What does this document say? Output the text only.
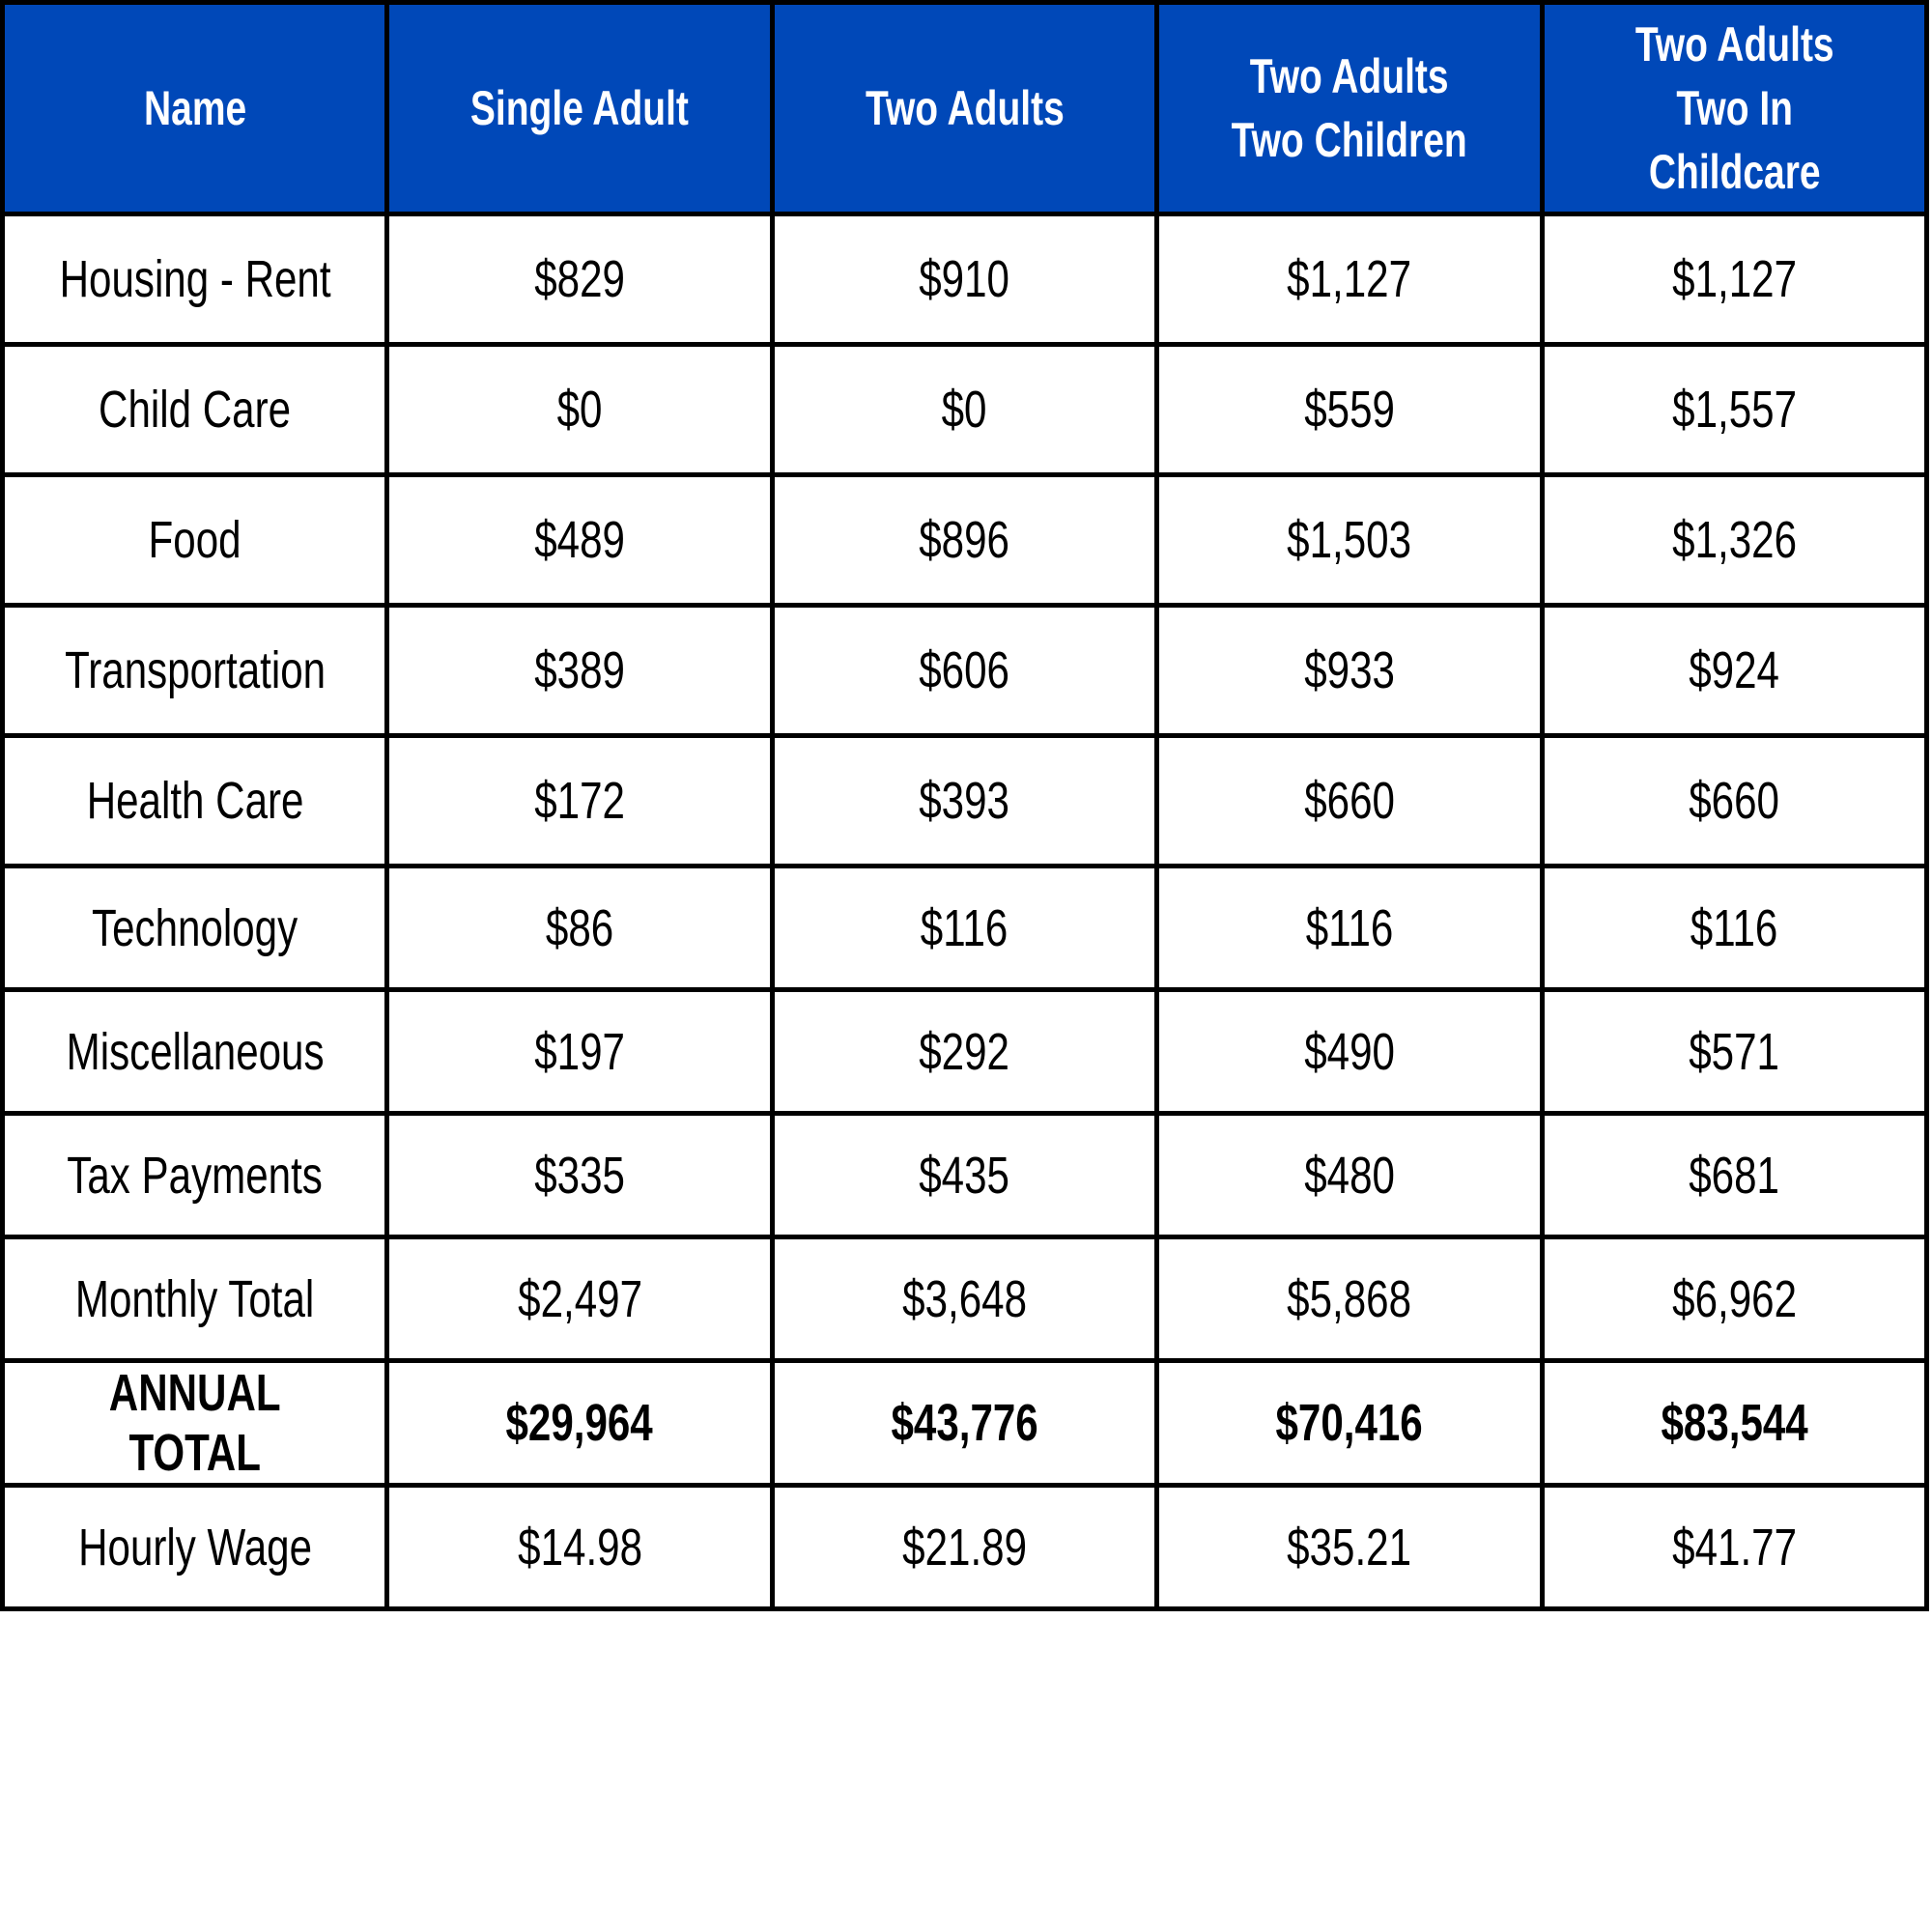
Name	Single Adult	Two Adults	Two Adults Two Children	Two Adults Two In Childcare
Housing - Rent	$829	$910	$1,127	$1,127
Child Care	$0	$0	$559	$1,557
Food	$489	$896	$1,503	$1,326
Transportation	$389	$606	$933	$924
Health Care	$172	$393	$660	$660
Technology	$86	$116	$116	$116
Miscellaneous	$197	$292	$490	$571
Tax Payments	$335	$435	$480	$681
Monthly Total	$2,497	$3,648	$5,868	$6,962
ANNUAL TOTAL	$29,964	$43,776	$70,416	$83,544
Hourly Wage	$14.98	$21.89	$35.21	$41.77
